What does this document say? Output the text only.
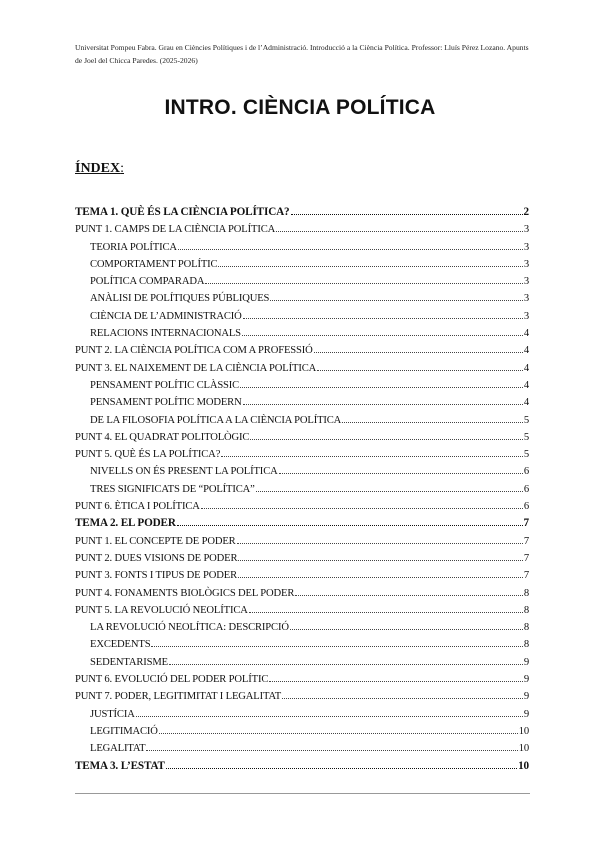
Universitat Pompeu Fabra. Grau en Ciències Polítiques i de l’Administració. Introducció a la Ciència Política. Professor: Lluís Pérez Lozano. Apunts de Joel del Chicca Paredes. (2025-2026)
INTRO. CIÈNCIA POLÍTICA
ÍNDEX:
TEMA 1. QUÈ ÉS LA CIÈNCIA POLÍTICA?	2
PUNT 1. CAMPS DE LA CIÈNCIA POLÍTICA	3
TEORIA POLÍTICA	3
COMPORTAMENT POLÍTIC	3
POLÍTICA COMPARADA	3
ANÀLISI DE POLÍTIQUES PÚBLIQUES	3
CIÈNCIA DE L’ADMINISTRACIÓ	3
RELACIONS INTERNACIONALS	4
PUNT 2. LA CIÈNCIA POLÍTICA COM A PROFESSIÓ	4
PUNT 3. EL NAIXEMENT DE LA CIÈNCIA POLÍTICA	4
PENSAMENT POLÍTIC CLÀSSIC	4
PENSAMENT POLÍTIC MODERN	4
DE LA FILOSOFIA POLÍTICA A LA CIÈNCIA POLÍTICA	5
PUNT 4. EL QUADRAT POLITOLÒGIC	5
PUNT 5. QUÈ ÉS LA POLÍTICA?	5
NIVELLS ON ÉS PRESENT LA POLÍTICA	6
TRES SIGNIFICATS DE “POLÍTICA”	6
PUNT 6. ÈTICA I POLÍTICA	6
TEMA 2. EL PODER	7
PUNT 1. EL CONCEPTE DE PODER	7
PUNT 2. DUES VISIONS DE PODER	7
PUNT 3. FONTS I TIPUS DE PODER	7
PUNT 4. FONAMENTS BIOLÒGICS DEL PODER	8
PUNT 5. LA REVOLUCIÓ NEOLÍTICA	8
LA REVOLUCIÓ NEOLÍTICA: DESCRIPCIÓ	8
EXCEDENTS	8
SEDENTARISME	9
PUNT 6. EVOLUCIÓ DEL PODER POLÍTIC	9
PUNT 7. PODER, LEGITIMITAT I LEGALITAT	9
JUSTÍCIA	9
LEGITIMACIÓ	10
LEGALITAT	10
TEMA 3. L’ESTAT	10
